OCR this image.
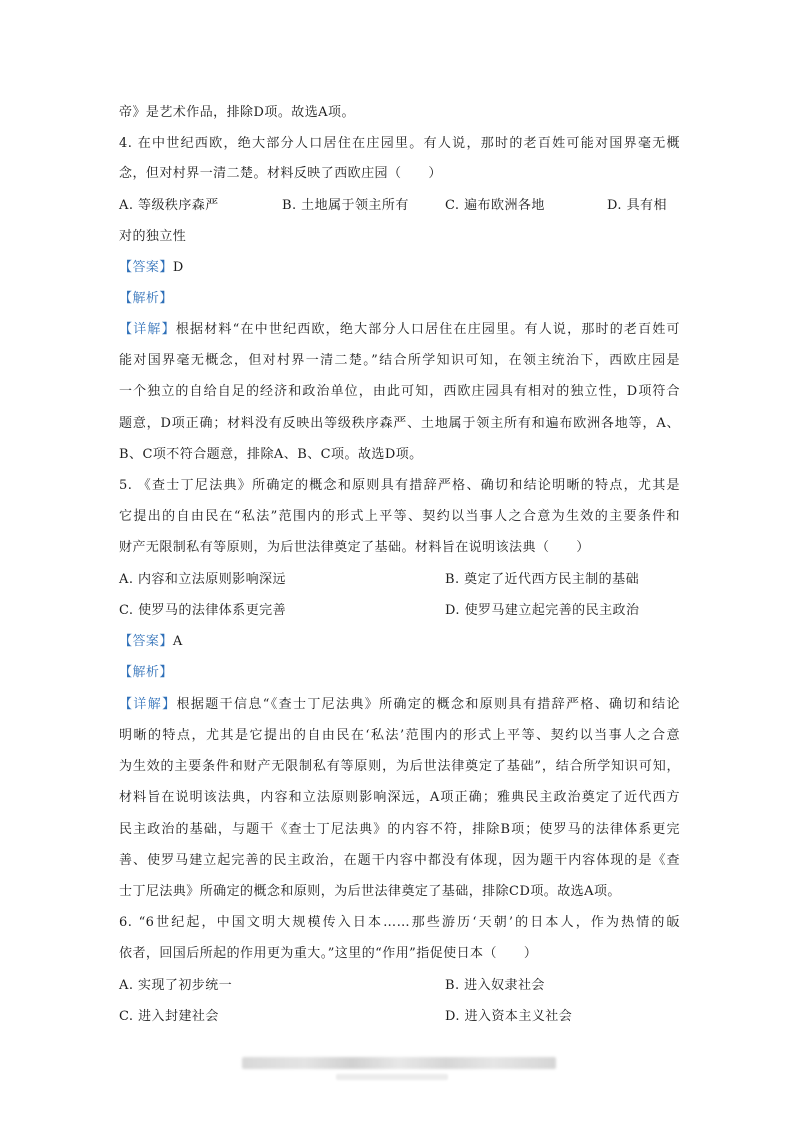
帝》是艺术作品，排除D项。故选A项。
4. 在中世纪西欧，绝大部分人口居住在庄园里。有人说，那时的老百姓可能对国界毫无概
念，但对村界一清二楚。材料反映了西欧庄园（　　）
A. 等级秩序森严	B. 土地属于领主所有	C. 遍布欧洲各地	D. 具有相
对的独立性
【答案】D
【解析】
【详解】根据材料“在中世纪西欧，绝大部分人口居住在庄园里。有人说，那时的老百姓可
能对国界毫无概念，但对村界一清二楚。”结合所学知识可知，在领主统治下，西欧庄园是
一个独立的自给自足的经济和政治单位，由此可知，西欧庄园具有相对的独立性，D项符合
题意，D项正确；材料没有反映出等级秩序森严、土地属于领主所有和遍布欧洲各地等，A、
B、C项不符合题意，排除A、B、C项。故选D项。
5. 《查士丁尼法典》所确定的概念和原则具有措辞严格、确切和结论明晰的特点，尤其是
它提出的自由民在“私法”范围内的形式上平等、契约以当事人之合意为生效的主要条件和
财产无限制私有等原则，为后世法律奠定了基础。材料旨在说明该法典（　　）
A. 内容和立法原则影响深远	B. 奠定了近代西方民主制的基础
C. 使罗马的法律体系更完善	D. 使罗马建立起完善的民主政治
【答案】A
【解析】
【详解】根据题干信息“《查士丁尼法典》所确定的概念和原则具有措辞严格、确切和结论
明晰的特点，尤其是它提出的自由民在‘私法’范围内的形式上平等、契约以当事人之合意
为生效的主要条件和财产无限制私有等原则，为后世法律奠定了基础”，结合所学知识可知，
材料旨在说明该法典，内容和立法原则影响深远，A项正确；雅典民主政治奠定了近代西方
民主政治的基础，与题干《查士丁尼法典》的内容不符，排除B项；使罗马的法律体系更完
善、使罗马建立起完善的民主政治，在题干内容中都没有体现，因为题干内容体现的是《查
士丁尼法典》所确定的概念和原则，为后世法律奠定了基础，排除CD项。故选A项。
6. “6世纪起，中国文明大规模传入日本……那些游历‘天朝’的日本人，作为热情的皈
依者，回国后所起的作用更为重大。”这里的“作用”指促使日本（　　）
A. 实现了初步统一	B. 进入奴隶社会
C. 进入封建社会	D. 进入资本主义社会
